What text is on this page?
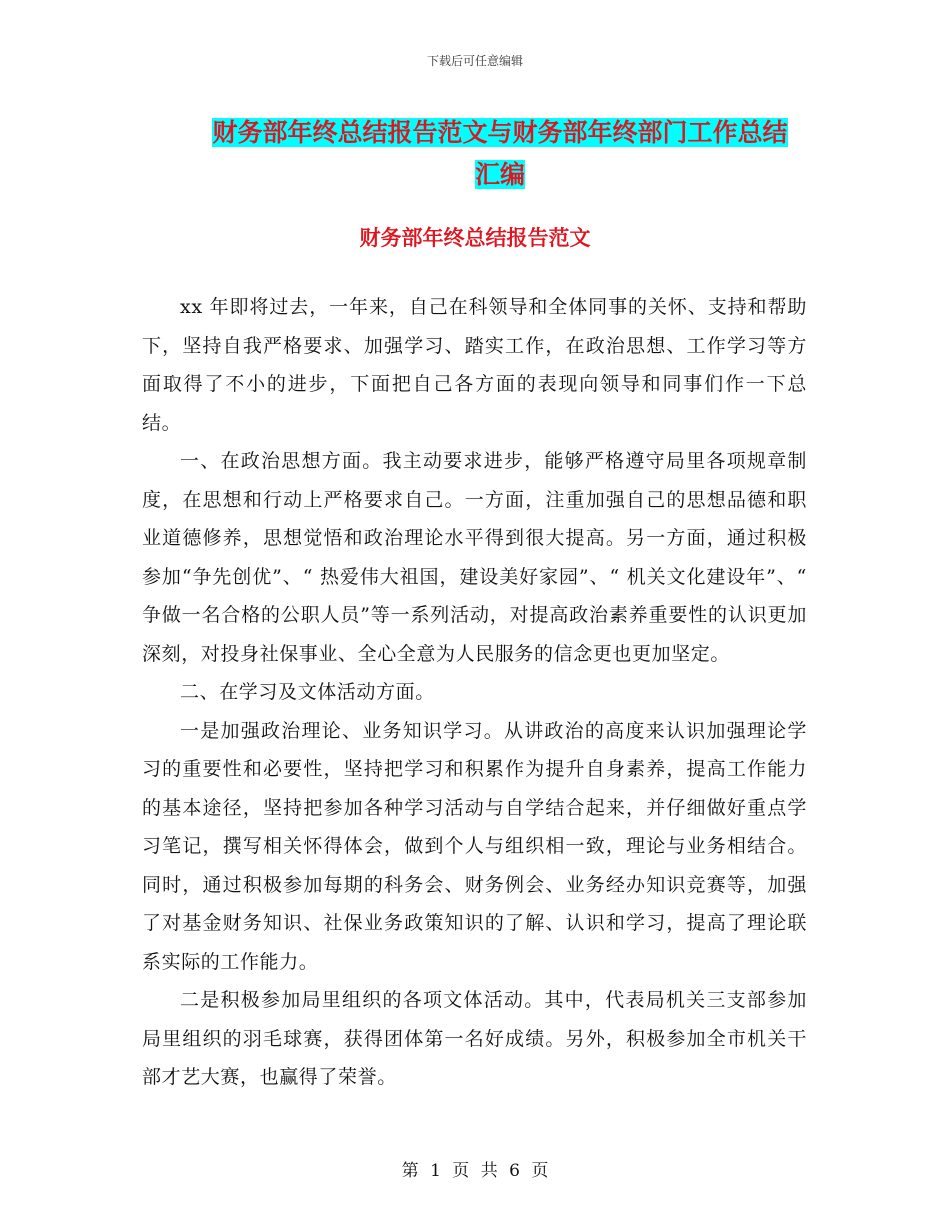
下载后可任意编辑
财务部年终总结报告范文与财务部年终部门工作总结
汇编
财务部年终总结报告范文

xx 年即将过去，一年来，自己在科领导和全体同事的关怀、支持和帮助下，坚持自我严格要求、加强学习、踏实工作，在政治思想、工作学习等方面取得了不小的进步，下面把自己各方面的表现向领导和同事们作一下总结。

一、在政治思想方面。我主动要求进步，能够严格遵守局里各项规章制度，在思想和行动上严格要求自己。一方面，注重加强自己的思想品德和职业道德修养，思想觉悟和政治理论水平得到很大提高。另一方面，通过积极参加“争先创优”、“ 热爱伟大祖国，建设美好家园”、“ 机关文化建设年”、“ 争做一名合格的公职人员”等一系列活动，对提高政治素养重要性的认识更加深刻，对投身社保事业、全心全意为人民服务的信念更也更加坚定。

二、在学习及文体活动方面。

一是加强政治理论、业务知识学习。从讲政治的高度来认识加强理论学习的重要性和必要性，坚持把学习和积累作为提升自身素养，提高工作能力的基本途径，坚持把参加各种学习活动与自学结合起来，并仔细做好重点学习笔记，撰写相关怀得体会，做到个人与组织相一致，理论与业务相结合。同时，通过积极参加每期的科务会、财务例会、业务经办知识竞赛等，加强了对基金财务知识、社保业务政策知识的了解、认识和学习，提高了理论联系实际的工作能力。

二是积极参加局里组织的各项文体活动。其中，代表局机关三支部参加局里组织的羽毛球赛，获得团体第一名好成绩。另外，积极参加全市机关干部才艺大赛，也赢得了荣誉。

第 1 页 共 6 页
